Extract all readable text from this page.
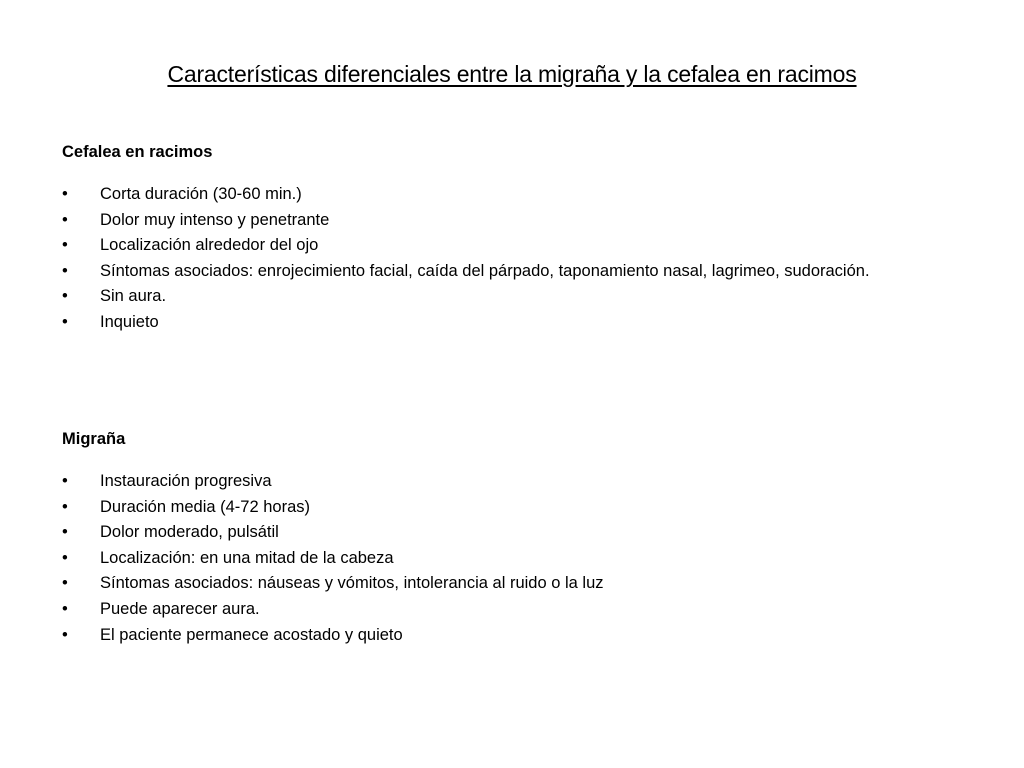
Características diferenciales entre la migraña y la cefalea en racimos
Cefalea en racimos
•	Corta duración (30-60 min.)
•	Dolor muy intenso y penetrante
•	Localización alrededor del ojo
•	Síntomas asociados: enrojecimiento facial, caída del párpado, taponamiento nasal, lagrimeo, sudoración.
•	Sin aura.
•	Inquieto
Migraña
•	Instauración progresiva
•	Duración media (4-72 horas)
•	Dolor moderado, pulsátil
•	Localización: en una mitad de la cabeza
•	Síntomas asociados: náuseas y vómitos, intolerancia al ruido o la luz
•	Puede aparecer aura.
•	El paciente permanece acostado y quieto
